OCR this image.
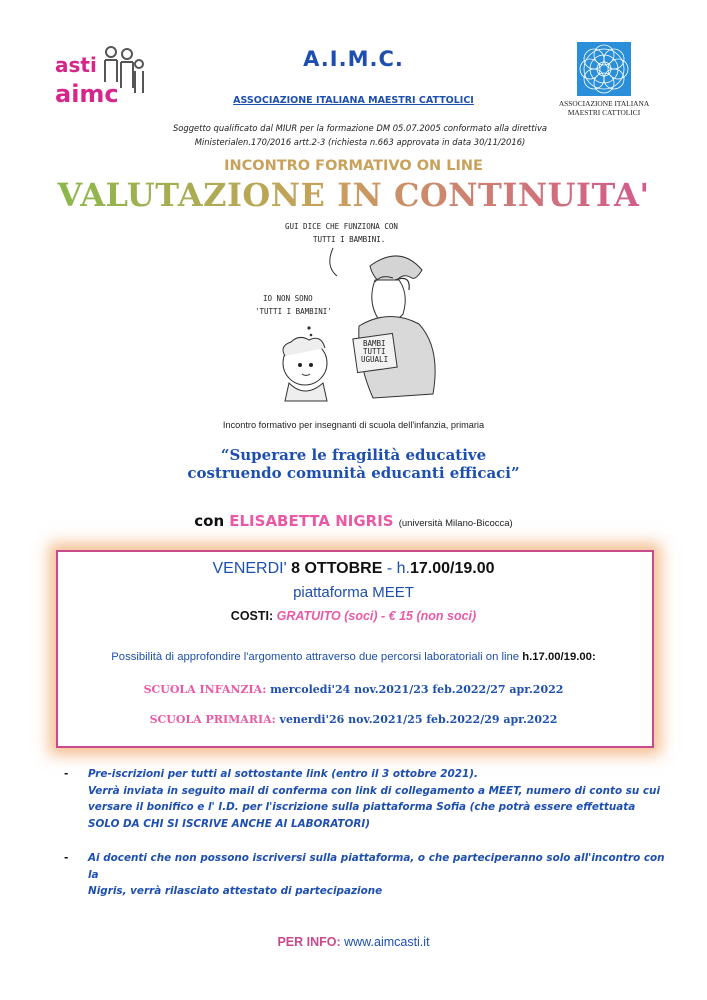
asti
aimc
A.I.M.C.
ASSOCIAZIONE ITALIANA MAESTRI CATTOLICI
Soggetto qualificato dal MIUR per la formazione DM 05.07.2005 conformato alla direttiva
Ministerialen.170/2016 artt.2-3 (richiesta n.663 approvata in data 30/11/2016)
ASSOCIAZIONE ITALIANA
MAESTRI CATTOLICI
INCONTRO FORMATIVO ON LINE
VALUTAZIONE IN CONTINUITA'
GUI DICE CHE FUNZIONA CON
TUTTI I BAMBINI.
IO NON SONO
'TUTTI I BAMBINI'
BAMBI
TUTTI
UGUALI
Incontro formativo per insegnanti di scuola dell'infanzia, primaria
“Superare le fragilità educative
costruendo comunità educanti efficaci”
con ELISABETTA NIGRIS (università Milano-Bicocca)
VENERDI' 8 OTTOBRE - h.17.00/19.00
piattaforma MEET
COSTI: GRATUITO (soci) - € 15 (non soci)
Possibilità di approfondire l'argomento attraverso due percorsi laboratoriali on line h.17.00/19.00:
SCUOLA INFANZIA: mercoledi'24 nov.2021/23 feb.2022/27 apr.2022
SCUOLA PRIMARIA: venerdi'26 nov.2021/25 feb.2022/29 apr.2022
- Pre-iscrizioni per tutti al sottostante link (entro il 3 ottobre 2021).
Verrà inviata in seguito mail di conferma con link di collegamento a MEET, numero di conto su cui
versare il bonifico e l' I.D. per l'iscrizione sulla piattaforma Sofia (che potrà essere effettuata
SOLO DA CHI SI ISCRIVE ANCHE AI LABORATORI)
- Ai docenti che non possono iscriversi sulla piattaforma, o che parteciperanno solo all'incontro con la
Nigris, verrà rilasciato attestato di partecipazione
PER INFO: www.aimcasti.it
